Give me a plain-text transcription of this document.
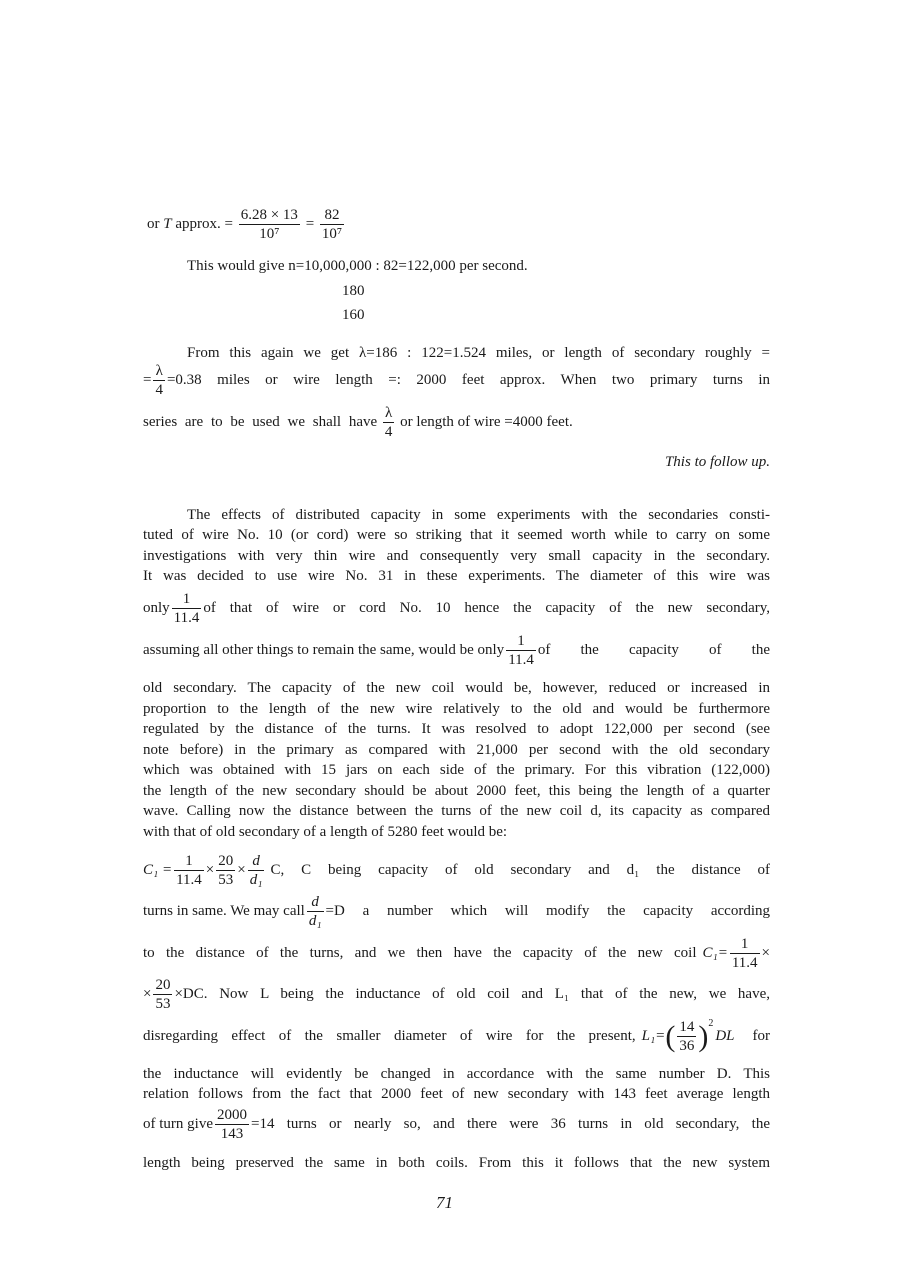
or T approx. = $\frac{6.28 \times 13}{\text{10⁷}} = \frac{82}{\text{10⁷}}$
This would give n=10,000,000 : 82=122,000 per second.
180
160
From this again we get λ=186 : 122=1.524 miles, or length of secondary roughly =
= $\frac{\lambda}{4} =0.38$ miles or wire length =: 2000 feet approx. When two primary turns in
series are to be used we shall have $\frac{\lambda}{4}$ or length of wire =4000 feet.
This to follow up.
The effects of distributed capacity in some experiments with the secondaries consti-
tuted of wire No. 10 (or cord) were so striking that it seemed worth while to carry on some
investigations with very thin wire and consequently very small capacity in the secondary.
It was decided to use wire No. 31 in these experiments. The diameter of this wire was
only $\frac{1}{11.4}$ of that of wire or cord No. 10 hence the capacity of the new secondary,
assuming all other things to remain the same, would be only $\frac{1}{11.4}$ of the capacity of the
old secondary. The capacity of the new coil would be, however, reduced or increased in
proportion to the length of the new wire relatively to the old and would be furthermore
regulated by the distance of the turns. It was resolved to adopt 122,000 per second (see
note before) in the primary as compared with 21,000 per second with the old secondary
which was obtained with 15 jars on each side of the primary. For this vibration (122,000)
the length of the new secondary should be about 2000 feet, this being the length of a quarter
wave. Calling now the distance between the turns of the new coil d, its capacity as compared
with that of old secondary of a length of 5280 feet would be:
$C_1 = \frac{1}{11.4} \times \frac{20}{53} \times \frac{d}{\text{d₁}} C$, C being capacity of old secondary and d₁ the distance of
turns in same. We may call $\frac{d}{\text{d₁}} =D$ a number which will modify the capacity according
to the distance of the turns, and we then have the capacity of the new coil $C_1= \frac{1}{11.4}$ ×
× $\frac{20}{53} \times DC$. Now L being the inductance of old coil and L₁ that of the new, we have,
disregarding effect of the smaller diameter of wire for the present, L₁= ( $\frac{14}{36} )^2$
DL for
the inductance will evidently be changed in accordance with the same number D. This
relation follows from the fact that 2000 feet of new secondary with 143 feet average length
of turn give $\frac{2000}{143} =14$ turns or nearly so, and there were 36 turns in old secondary, the
length being preserved the same in both coils. From this it follows that the new system
71
